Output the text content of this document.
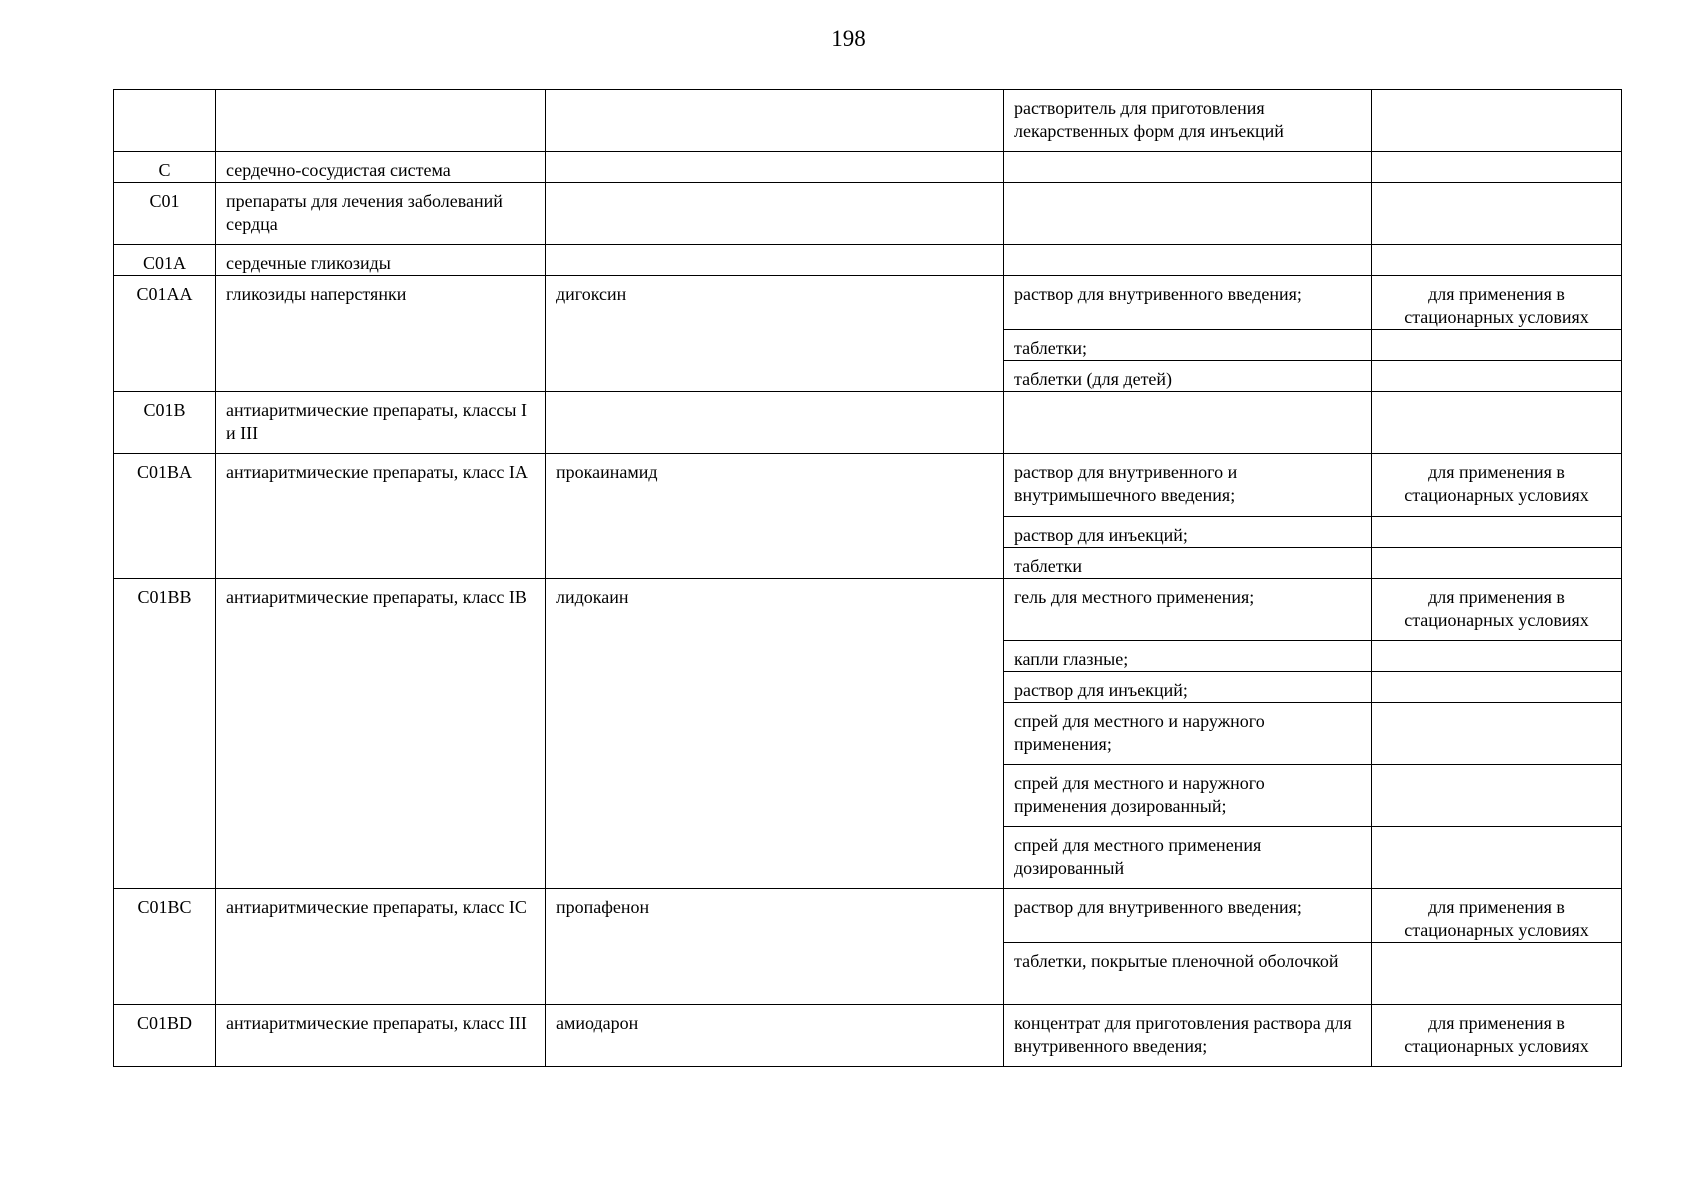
198
			растворитель для приготовления лекарственных форм для инъекций	
C	сердечно-сосудистая система			
C01	препараты для лечения заболеваний сердца			
C01A	сердечные гликозиды			
C01AA	гликозиды наперстянки	дигоксин	раствор для внутривенного введения;	для применения в стационарных условиях
			таблетки;	
			таблетки (для детей)	
C01B	антиаритмические препараты, классы I и III			
C01BA	антиаритмические препараты, класс IA	прокаинамид	раствор для внутривенного и внутримышечного введения;	для применения в стационарных условиях
			раствор для инъекций;	
			таблетки	
C01BB	антиаритмические препараты, класс IB	лидокаин	гель для местного применения;	для применения в стационарных условиях
			капли глазные;	
			раствор для инъекций;	
			спрей для местного и наружного применения;	
			спрей для местного и наружного применения дозированный;	
			спрей для местного применения дозированный	
C01BC	антиаритмические препараты, класс IC	пропафенон	раствор для внутривенного введения;	для применения в стационарных условиях
			таблетки, покрытые пленочной оболочкой	
C01BD	антиаритмические препараты, класс III	амиодарон	концентрат для приготовления раствора для внутривенного введения;	для применения в стационарных условиях
